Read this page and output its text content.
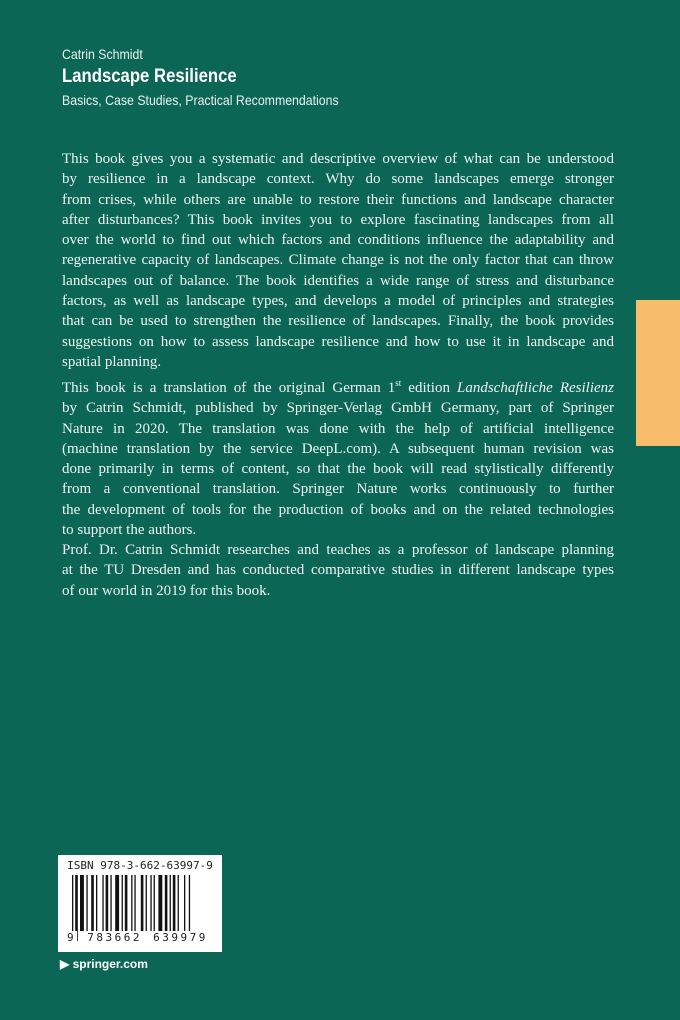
Catrin Schmidt
Landscape Resilience
Basics, Case Studies, Practical Recommendations
This book gives you a systematic and descriptive overview of what can be understood
by resilience in a landscape context. Why do some landscapes emerge stronger
from crises, while others are unable to restore their functions and landscape character
after disturbances? This book invites you to explore fascinating landscapes from all
over the world to find out which factors and conditions influence the adaptability and
regenerative capacity of landscapes. Climate change is not the only factor that can throw
landscapes out of balance. The book identifies a wide range of stress and disturbance
factors, as well as landscape types, and develops a model of principles and strategies
that can be used to strengthen the resilience of landscapes. Finally, the book provides
suggestions on how to assess landscape resilience and how to use it in landscape and
spatial planning.
This book is a translation of the original German 1st edition Landschaftliche Resilienz
by Catrin Schmidt, published by Springer-Verlag GmbH Germany, part of Springer
Nature in 2020. The translation was done with the help of artificial intelligence
(machine translation by the service DeepL.com). A subsequent human revision was
done primarily in terms of content, so that the book will read stylistically differently
from a conventional translation. Springer Nature works continuously to further
the development of tools for the production of books and on the related technologies
to support the authors.
Prof. Dr. Catrin Schmidt researches and teaches as a professor of landscape planning
at the TU Dresden and has conducted comparative studies in different landscape types
of our world in 2019 for this book.
ISBN 978-3-662-63997-9
9 783662 639979
▶ springer.com
